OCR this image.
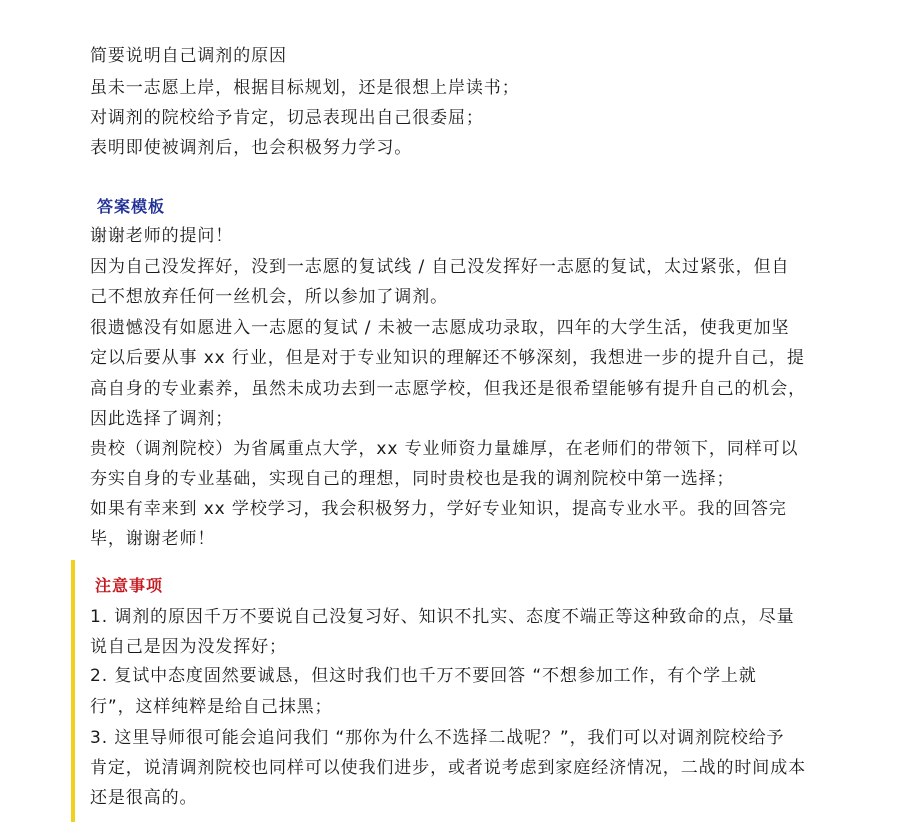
简要说明自己调剂的原因
虽未一志愿上岸，根据目标规划，还是很想上岸读书；
对调剂的院校给予肯定，切忌表现出自己很委屈；
表明即使被调剂后，也会积极努力学习。
答案模板
谢谢老师的提问！
因为自己没发挥好，没到一志愿的复试线 / 自己没发挥好一志愿的复试，太过紧张，但自
己不想放弃任何一丝机会，所以参加了调剂。
很遗憾没有如愿进入一志愿的复试 / 未被一志愿成功录取，四年的大学生活，使我更加坚
定以后要从事 xx 行业，但是对于专业知识的理解还不够深刻，我想进一步的提升自己，提
高自身的专业素养，虽然未成功去到一志愿学校，但我还是很希望能够有提升自己的机会，
因此选择了调剂；
贵校（调剂院校）为省属重点大学，xx 专业师资力量雄厚，在老师们的带领下，同样可以
夯实自身的专业基础，实现自己的理想，同时贵校也是我的调剂院校中第一选择；
如果有幸来到 xx 学校学习，我会积极努力，学好专业知识，提高专业水平。我的回答完
毕，谢谢老师！
注意事项
1. 调剂的原因千万不要说自己没复习好、知识不扎实、态度不端正等这种致命的点，尽量
说自己是因为没发挥好；
2. 复试中态度固然要诚恳，但这时我们也千万不要回答 “不想参加工作，有个学上就
行”，这样纯粹是给自己抹黑；
3. 这里导师很可能会追问我们 “那你为什么不选择二战呢？”，我们可以对调剂院校给予
肯定，说清调剂院校也同样可以使我们进步，或者说考虑到家庭经济情况，二战的时间成本
还是很高的。
